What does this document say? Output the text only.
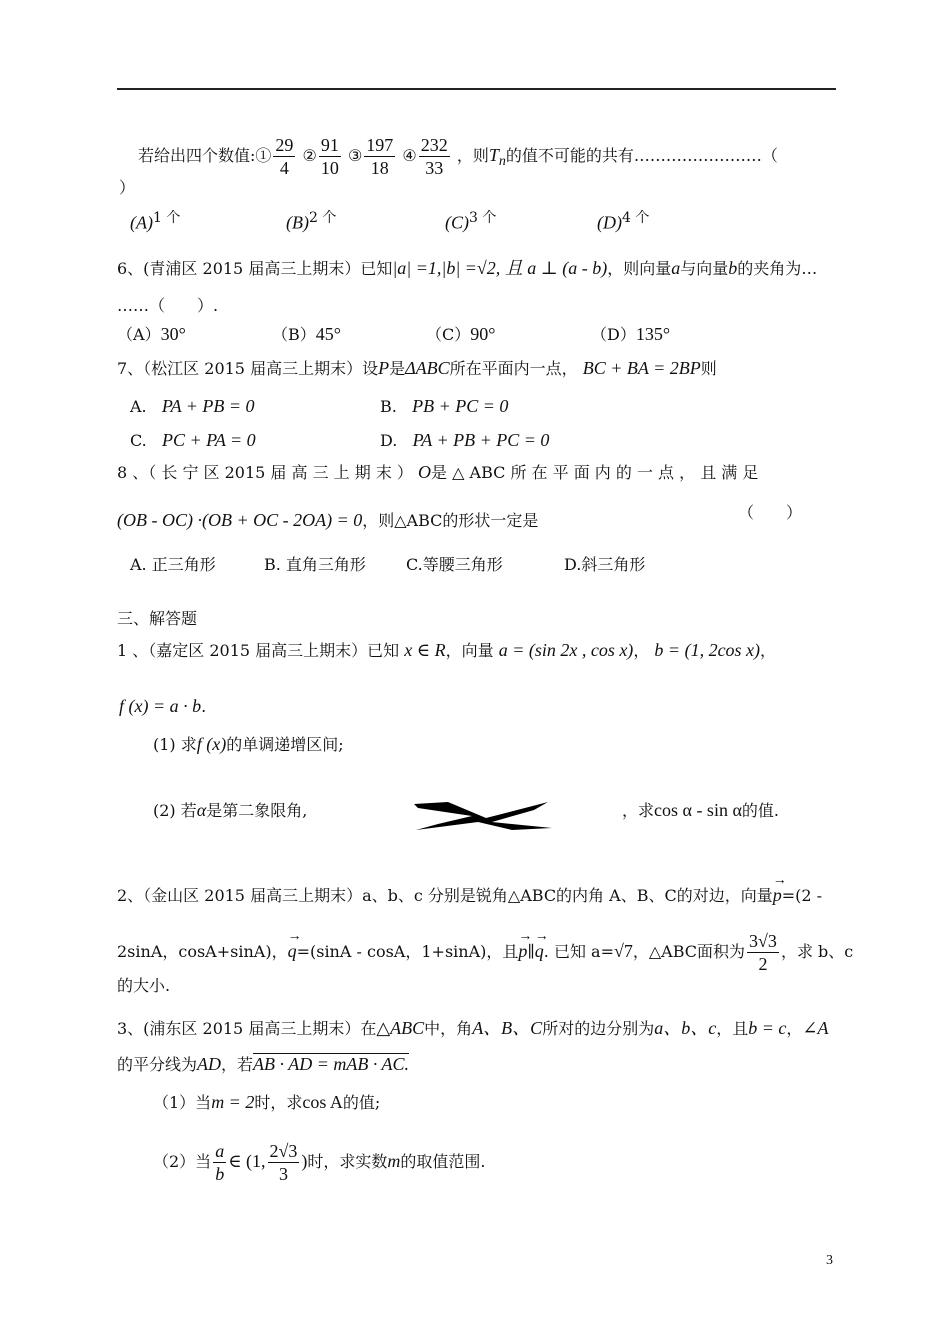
若给出四个数值:① $\frac{29}{4}$ ② $\frac{91}{10}$ ③ $\frac{197}{18}$ ④ $\frac{232}{33}$ ，则$T_n$的值不可能的共有……………………（
）
$(A)^{1 个}$	$(B)^{2 个}$	$(C)^{3 个}$	$(D)^{4 个}$
6、(青浦区 2015 届高三上期末）已知|a| =1,|b| =√2, 且 a ⊥ (a - b)，则向量a与向量b的夹角为…
……（　　）.
（A）30°	（B）45°	（C）90°	（D）135°
7、（松江区 2015 届高三上期末）设P是ΔABC所在平面内一点， BC + BA = 2BP则
A. PA + PB = 0	B. PB + PC = 0
C. PC + PA = 0	D. PA + PB + PC = 0
8 、（ 长 宁 区 2015 届 高 三 上 期 末 ） O是 △ ABC 所 在 平 面 内 的 一 点 ， 且 满 足
(OB - OC) ·(OB + OC - 2OA) = 0，则△ABC的形状一定是	（　　）
A. 正三角形	B. 直角三角形	C.等腰三角形	D.斜三角形
三、解答题
1 、（嘉定区 2015 届高三上期末）已知 x ∈ R，向量 a = (sin 2x , cos x)， b = (1, 2cos x)，
f (x) = a · b.
(1) 求f (x)的单调递增区间;
(2) 若α是第二象限角,	，求cos α - sin α的值.
2、（金山区 2015 届高三上期末）a、b、c 分别是锐角△ABC的内角 A、B、C的对边，向量→ p=(2 -
2sinA，cosA+sinA)，→ q=(sinA - cosA，1+sinA)，且→ p∥→ q. 已知 a=√7，△ABC面积为 $\frac{3√3}{2}$ ，求 b、c
的大小.
3、(浦东区 2015 届高三上期末）在△ABC中，角A、B、C所对的边分别为a、b、c，且b = c，∠A
的平分线为AD，若AB · AD = mAB · AC.
（1）当m = 2时，求cos A的值;
（2）当 $\frac{a}{b}$ ∈ (1, $\frac{2√3}{3}$ )时，求实数m的取值范围.
3
